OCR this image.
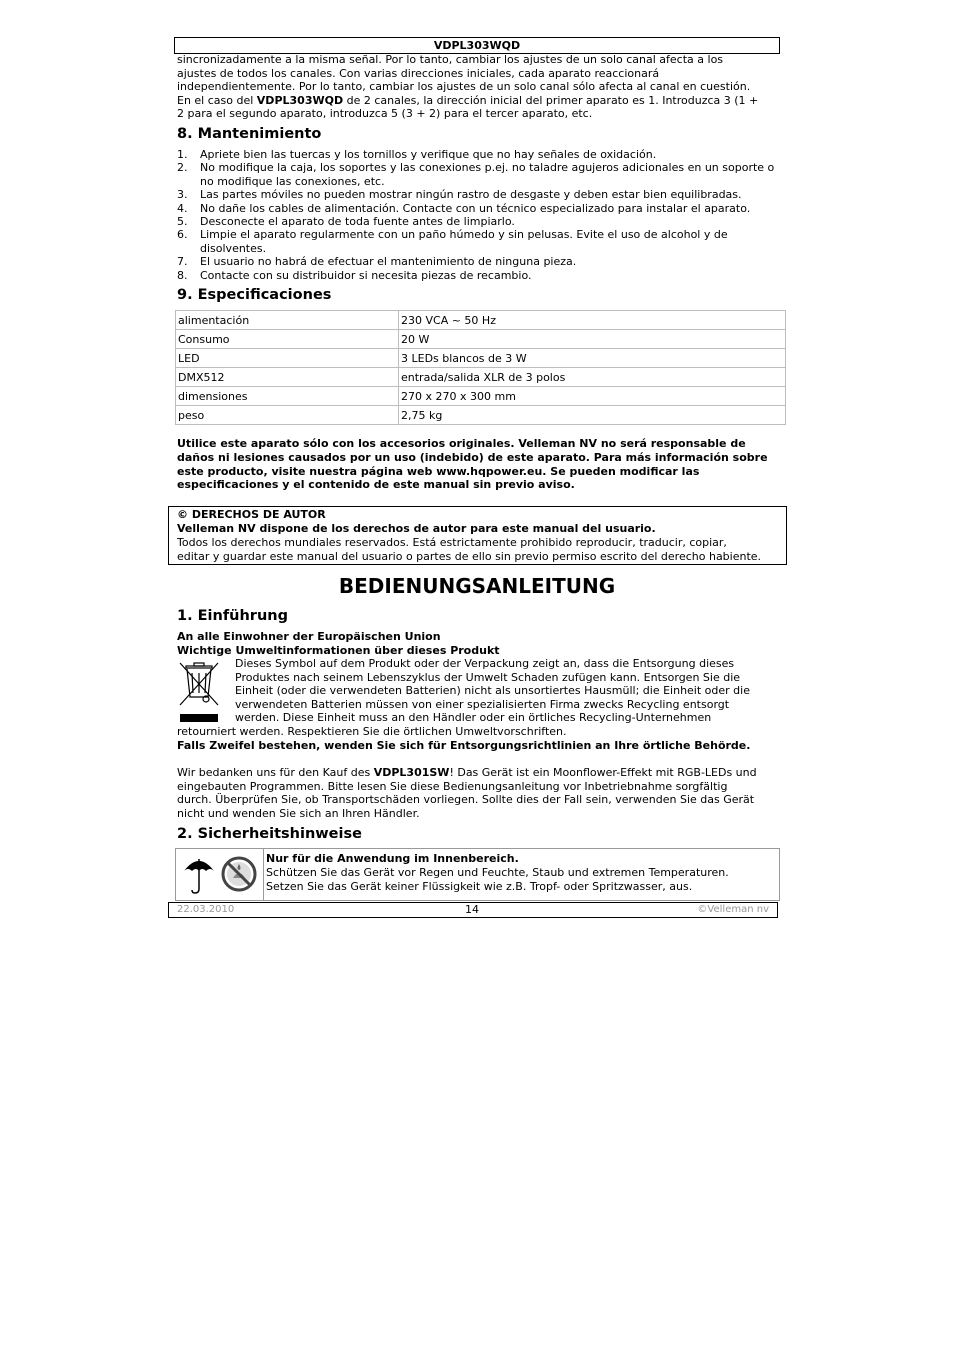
VDPL303WQD
sincronizadamente a la misma señal. Por lo tanto, cambiar los ajustes de un solo canal afecta a los
ajustes de todos los canales. Con varias direcciones iniciales, cada aparato reaccionará
independientemente. Por lo tanto, cambiar los ajustes de un solo canal sólo afecta al canal en cuestión.
En el caso del VDPL303WQD de 2 canales, la dirección inicial del primer aparato es 1. Introduzca 3 (1 +
2 para el segundo aparato, introduzca 5 (3 + 2) para el tercer aparato, etc.
8. Mantenimiento
1.	Apriete bien las tuercas y los tornillos y verifique que no hay señales de oxidación.
2.	No modifique la caja, los soportes y las conexiones p.ej. no taladre agujeros adicionales en un soporte o no modifique las conexiones, etc.
3.	Las partes móviles no pueden mostrar ningún rastro de desgaste y deben estar bien equilibradas.
4.	No dañe los cables de alimentación. Contacte con un técnico especializado para instalar el aparato.
5.	Desconecte el aparato de toda fuente antes de limpiarlo.
6.	Limpie el aparato regularmente con un paño húmedo y sin pelusas. Evite el uso de alcohol y de disolventes.
7.	El usuario no habrá de efectuar el mantenimiento de ninguna pieza.
8.	Contacte con su distribuidor si necesita piezas de recambio.
9. Especificaciones
alimentación	230 VCA ~ 50 Hz
Consumo	20 W
LED	3 LEDs blancos de 3 W
DMX512	entrada/salida XLR de 3 polos
dimensiones	270 x 270 x 300 mm
peso	2,75 kg
Utilice este aparato sólo con los accesorios originales. Velleman NV no será responsable de
daños ni lesiones causados por un uso (indebido) de este aparato. Para más información sobre
este producto, visite nuestra página web www.hqpower.eu. Se pueden modificar las
especificaciones y el contenido de este manual sin previo aviso.
© DERECHOS DE AUTOR
Velleman NV dispone de los derechos de autor para este manual del usuario.
Todos los derechos mundiales reservados. Está estrictamente prohibido reproducir, traducir, copiar,
editar y guardar este manual del usuario o partes de ello sin previo permiso escrito del derecho habiente.
BEDIENUNGSANLEITUNG
1. Einführung
An alle Einwohner der Europäischen Union
Wichtige Umweltinformationen über dieses Produkt
Dieses Symbol auf dem Produkt oder der Verpackung zeigt an, dass die Entsorgung dieses
Produktes nach seinem Lebenszyklus der Umwelt Schaden zufügen kann. Entsorgen Sie die
Einheit (oder die verwendeten Batterien) nicht als unsortiertes Hausmüll; die Einheit oder die
verwendeten Batterien müssen von einer spezialisierten Firma zwecks Recycling entsorgt
werden. Diese Einheit muss an den Händler oder ein örtliches Recycling-Unternehmen
retourniert werden. Respektieren Sie die örtlichen Umweltvorschriften.
Falls Zweifel bestehen, wenden Sie sich für Entsorgungsrichtlinien an Ihre örtliche Behörde.
Wir bedanken uns für den Kauf des VDPL301SW! Das Gerät ist ein Moonflower-Effekt mit RGB-LEDs und
eingebauten Programmen. Bitte lesen Sie diese Bedienungsanleitung vor Inbetriebnahme sorgfältig
durch. Überprüfen Sie, ob Transportschäden vorliegen. Sollte dies der Fall sein, verwenden Sie das Gerät
nicht und wenden Sie sich an Ihren Händler.
2. Sicherheitshinweise
Nur für die Anwendung im Innenbereich.
Schützen Sie das Gerät vor Regen und Feuchte, Staub und extremen Temperaturen.
Setzen Sie das Gerät keiner Flüssigkeit wie z.B. Tropf- oder Spritzwasser, aus.
22.03.2010	14	©Velleman nv
